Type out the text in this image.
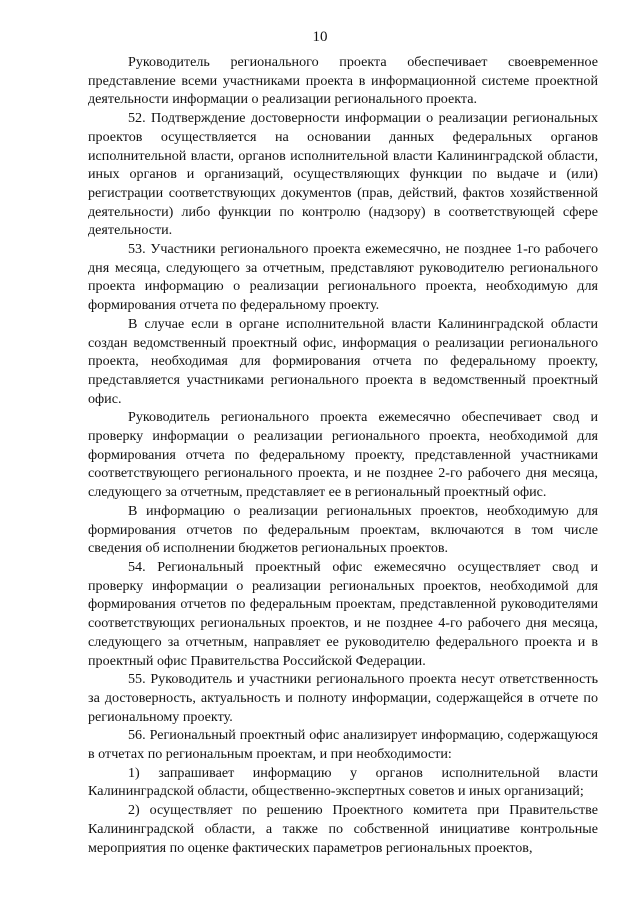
10

Руководитель регионального проекта обеспечивает своевременное представление всеми участниками проекта в информационной системе проектной деятельности информации о реализации регионального проекта.

52. Подтверждение достоверности информации о реализации региональных проектов осуществляется на основании данных федеральных органов исполнительной власти, органов исполнительной власти Калининградской области, иных органов и организаций, осуществляющих функции по выдаче и (или) регистрации соответствующих документов (прав, действий, фактов хозяйственной деятельности) либо функции по контролю (надзору) в соответствующей сфере деятельности.

53. Участники регионального проекта ежемесячно, не позднее 1-го рабочего дня месяца, следующего за отчетным, представляют руководителю регионального проекта информацию о реализации регионального проекта, необходимую для формирования отчета по федеральному проекту.

В случае если в органе исполнительной власти Калининградской области создан ведомственный проектный офис, информация о реализации регионального проекта, необходимая для формирования отчета по федеральному проекту, представляется участниками регионального проекта в ведомственный проектный офис.

Руководитель регионального проекта ежемесячно обеспечивает свод и проверку информации о реализации регионального проекта, необходимой для формирования отчета по федеральному проекту, представленной участниками соответствующего регионального проекта, и не позднее 2-го рабочего дня месяца, следующего за отчетным, представляет ее в региональный проектный офис.

В информацию о реализации региональных проектов, необходимую для формирования отчетов по федеральным проектам, включаются в том числе сведения об исполнении бюджетов региональных проектов.

54. Региональный проектный офис ежемесячно осуществляет свод и проверку информации о реализации региональных проектов, необходимой для формирования отчетов по федеральным проектам, представленной руководителями соответствующих региональных проектов, и не позднее 4-го рабочего дня месяца, следующего за отчетным, направляет ее руководителю федерального проекта и в проектный офис Правительства Российской Федерации.

55. Руководитель и участники регионального проекта несут ответственность за достоверность, актуальность и полноту информации, содержащейся в отчете по региональному проекту.

56. Региональный проектный офис анализирует информацию, содержащуюся в отчетах по региональным проектам, и при необходимости:

1) запрашивает информацию у органов исполнительной власти Калининградской области, общественно-экспертных советов и иных организаций;

2) осуществляет по решению Проектного комитета при Правительстве Калининградской области, а также по собственной инициативе контрольные мероприятия по оценке фактических параметров региональных проектов,
